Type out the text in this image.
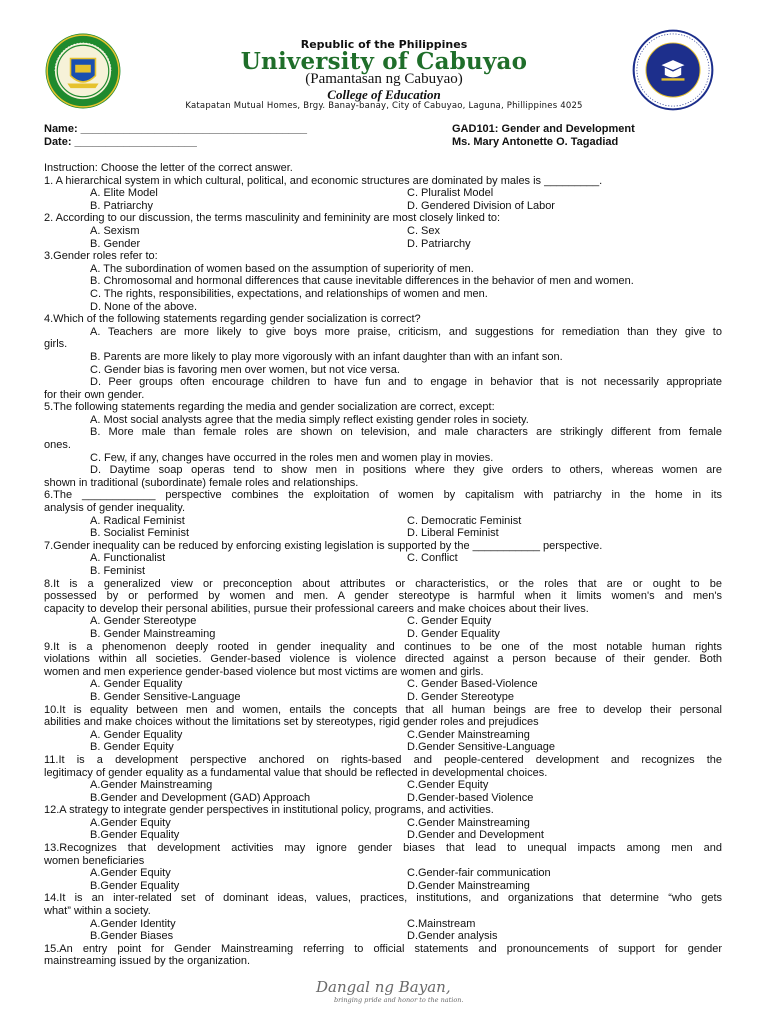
Republic of the Philippines
University of Cabuyao
(Pamantasan ng Cabuyao)
College of Education
Katapatan Mutual Homes, Brgy. Banay-banay, City of Cabuyao, Laguna, Phillippines 4025
Name: _____________________________________
Date: ____________________
GAD101: Gender and Development
Ms. Mary Antonette O. Tagadiad
Instruction: Choose the letter of the correct answer.
1. A hierarchical system in which cultural, political, and economic structures are dominated by males is _________.
A. Elite Model	C. Pluralist Model
B. Patriarchy	D. Gendered Division of Labor
2. According to our discussion, the terms masculinity and femininity are most closely linked to:
A. Sexism	C. Sex
B. Gender	D. Patriarchy
3.Gender roles refer to:
A. The subordination of women based on the assumption of superiority of men.
B. Chromosomal and hormonal differences that cause inevitable differences in the behavior of men and women.
C. The rights, responsibilities, expectations, and relationships of women and men.
D. None of the above.
4.Which of the following statements regarding gender socialization is correct?
A. Teachers are more likely to give boys more praise, criticism, and suggestions for remediation than they give to
girls.
B. Parents are more likely to play more vigorously with an infant daughter than with an infant son.
C. Gender bias is favoring men over women, but not vice versa.
D. Peer groups often encourage children to have fun and to engage in behavior that is not necessarily appropriate
for their own gender.
5.The following statements regarding the media and gender socialization are correct, except:
A. Most social analysts agree that the media simply reflect existing gender roles in society.
B. More male than female roles are shown on television, and male characters are strikingly different from female
ones.
C. Few, if any, changes have occurred in the roles men and women play in movies.
D. Daytime soap operas tend to show men in positions where they give orders to others, whereas women are
shown in traditional (subordinate) female roles and relationships.
6.The ____________ perspective combines the exploitation of women by capitalism with patriarchy in the home in its
analysis of gender inequality.
A. Radical Feminist	C. Democratic Feminist
B. Socialist Feminist	D. Liberal Feminist
7.Gender inequality can be reduced by enforcing existing legislation is supported by the ___________ perspective.
A. Functionalist	C. Conflict
B. Feminist
8.It is a generalized view or preconception about attributes or characteristics, or the roles that are or ought to be
possessed by or performed by women and men. A gender stereotype is harmful when it limits women's and men's
capacity to develop their personal abilities, pursue their professional careers and make choices about their lives.
A. Gender Stereotype	C. Gender Equity
B. Gender Mainstreaming	D. Gender Equality
9.It is a phenomenon deeply rooted in gender inequality and continues to be one of the most notable human rights
violations within all societies. Gender-based violence is violence directed against a person because of their gender. Both
women and men experience gender-based violence but most victims are women and girls.
A. Gender Equality	C. Gender Based-Violence
B. Gender Sensitive-Language	D. Gender Stereotype
10.It is equality between men and women, entails the concepts that all human beings are free to develop their personal
abilities and make choices without the limitations set by stereotypes, rigid gender roles and prejudices
A. Gender Equality	C.Gender Mainstreaming
B. Gender Equity	D.Gender Sensitive-Language
11.It is a development perspective anchored on rights-based and people-centered development and recognizes the
legitimacy of gender equality as a fundamental value that should be reflected in developmental choices.
A.Gender Mainstreaming	C.Gender Equity
B.Gender and Development (GAD) Approach	D.Gender-based Violence
12.A strategy to integrate gender perspectives in institutional policy, programs, and activities.
A.Gender Equity	C.Gender Mainstreaming
B.Gender Equality	D.Gender and Development
13.Recognizes that development activities may ignore gender biases that lead to unequal impacts among men and
women beneficiaries
A.Gender Equity	C.Gender-fair communication
B.Gender Equality	D.Gender Mainstreaming
14.It is an inter-related set of dominant ideas, values, practices, institutions, and organizations that determine “who gets
what” within a society.
A.Gender Identity	C.Mainstream
B.Gender Biases	D.Gender analysis
15.An entry point for Gender Mainstreaming referring to official statements and pronouncements of support for gender
mainstreaming issued by the organization.
Dangal ng Bayan,
bringing pride and honor to the nation.
